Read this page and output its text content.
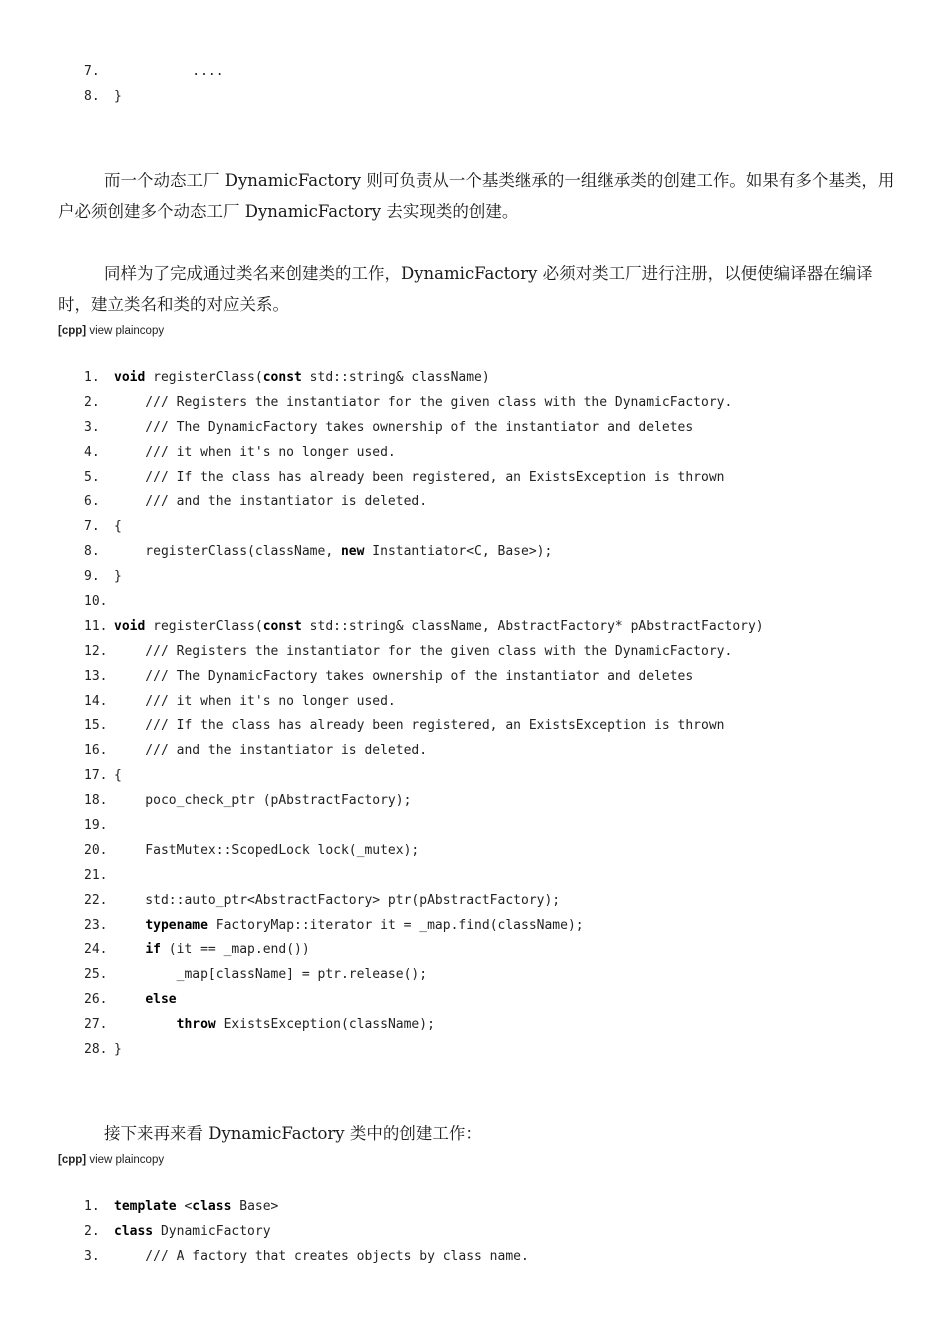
7.          ....
8. }

而一个动态工厂 DynamicFactory 则可负责从一个基类继承的一组继承类的创建工作。如果有多个基类，用户必须创建多个动态工厂 DynamicFactory 去实现类的创建。

同样为了完成通过类名来创建类的工作，DynamicFactory 必须对类工厂进行注册，以便使编译器在编译时，建立类名和类的对应关系。

[cpp] view plaincopy
1. void registerClass(const std::string& className)
2.    /// Registers the instantiator for the given class with the DynamicFactory.
3.    /// The DynamicFactory takes ownership of the instantiator and deletes
4.    /// it when it's no longer used.
5.    /// If the class has already been registered, an ExistsException is thrown
6.    /// and the instantiator is deleted.
7. {
8.    registerClass(className, new Instantiator<C, Base>);
9. }
10.
11. void registerClass(const std::string& className, AbstractFactory* pAbstractFactory)
12.    /// Registers the instantiator for the given class with the DynamicFactory.
13.    /// The DynamicFactory takes ownership of the instantiator and deletes
14.    /// it when it's no longer used.
15.    /// If the class has already been registered, an ExistsException is thrown
16.    /// and the instantiator is deleted.
17. {
18.    poco_check_ptr (pAbstractFactory);
19.
20.    FastMutex::ScopedLock lock(_mutex);
21.
22.    std::auto_ptr<AbstractFactory> ptr(pAbstractFactory);
23.	typename FactoryMap::iterator it = _map.find(className);
24.	if (it == _map.end())
25.        _map[className] = ptr.release();
26.	else
27.	throw ExistsException(className);
28. }

接下来再来看 DynamicFactory 类中的创建工作：

[cpp] view plaincopy
1. template <class Base>
2. class DynamicFactory
3.    /// A factory that creates objects by class name.
